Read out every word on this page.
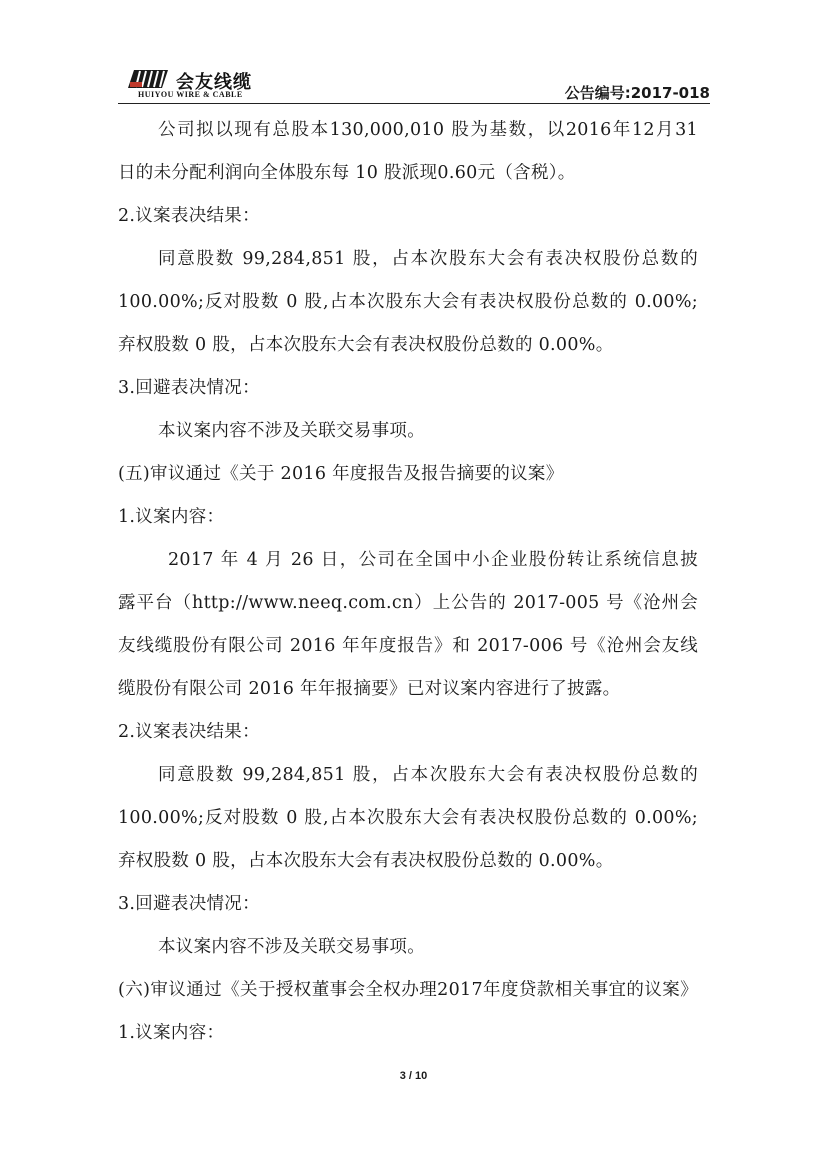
会友线缆
HUIYOU WIRE & CABLE	公告编号:2017-018
公司拟以现有总股本130,000,010 股为基数，以2016年12月31
日的未分配利润向全体股东每 10 股派现0.60元（含税）。
2.议案表决结果：
同意股数 99,284,851 股，占本次股东大会有表决权股份总数的
100.00%;反对股数 0 股,占本次股东大会有表决权股份总数的 0.00%;
弃权股数 0 股，占本次股东大会有表决权股份总数的 0.00%。
3.回避表决情况：
本议案内容不涉及关联交易事项。
(五)审议通过《关于 2016 年度报告及报告摘要的议案》
1.议案内容：
2017 年 4 月 26 日，公司在全国中小企业股份转让系统信息披
露平台（http://www.neeq.com.cn）上公告的 2017-005 号《沧州会
友线缆股份有限公司 2016 年年度报告》和 2017-006 号《沧州会友线
缆股份有限公司 2016 年年报摘要》已对议案内容进行了披露。
2.议案表决结果：
同意股数 99,284,851 股，占本次股东大会有表决权股份总数的
100.00%;反对股数 0 股,占本次股东大会有表决权股份总数的 0.00%;
弃权股数 0 股，占本次股东大会有表决权股份总数的 0.00%。
3.回避表决情况：
本议案内容不涉及关联交易事项。
(六)审议通过《关于授权董事会全权办理2017年度贷款相关事宜的议案》
1.议案内容：
3 / 10
